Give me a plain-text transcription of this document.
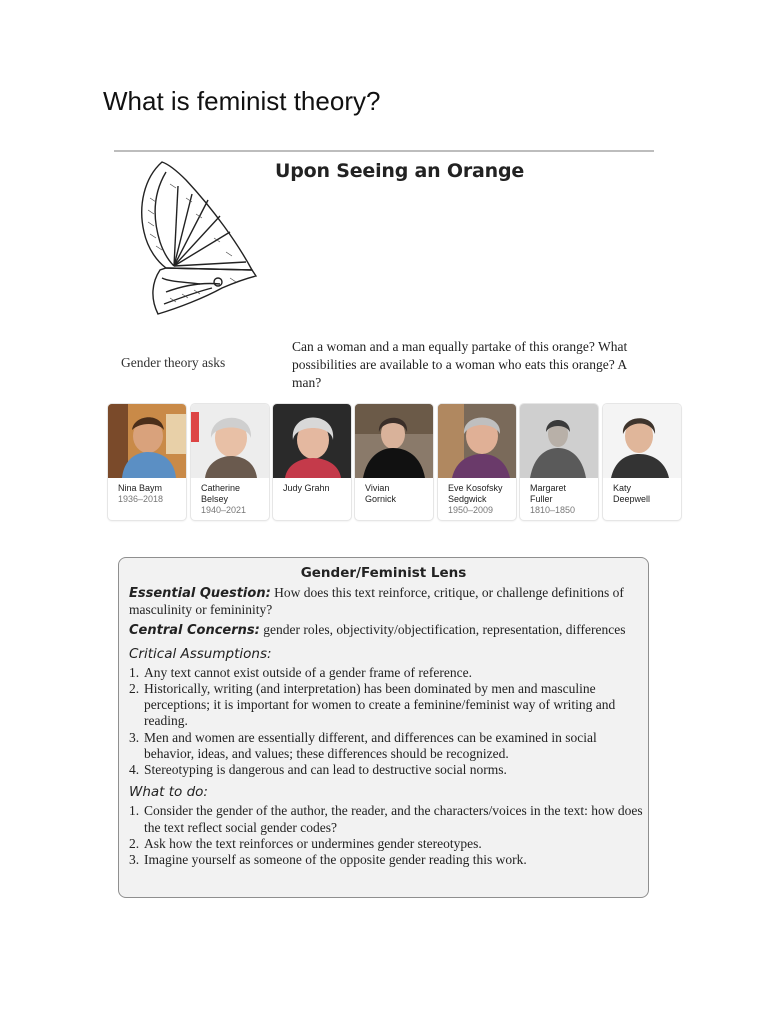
What is feminist theory?
Upon Seeing an Orange
Gender theory asks
Can a woman and a man equally partake of this orange? What possibilities are available to a woman who eats this orange? A man?
Nina Baym
1936–2018
Catherine
Belsey
1940–2021
Judy Grahn	Vivian
Gornick
Eve Kosofsky
Sedgwick
1950–2009
Margaret
Fuller
1810–1850
Katy
Deepwell
Gender/Feminist Lens
Essential Question: How does this text reinforce, critique, or challenge definitions of masculinity or femininity?
Central Concerns: gender roles, objectivity/objectification, representation, differences
Critical Assumptions:
1. Any text cannot exist outside of a gender frame of reference.
2. Historically, writing (and interpretation) has been dominated by men and masculine perceptions; it is important for women to create a feminine/feminist way of writing and reading.
3. Men and women are essentially different, and differences can be examined in social behavior, ideas, and values; these differences should be recognized.
4. Stereotyping is dangerous and can lead to destructive social norms.
What to do:
1. Consider the gender of the author, the reader, and the characters/voices in the text: how does the text reflect social gender codes?
2. Ask how the text reinforces or undermines gender stereotypes.
3. Imagine yourself as someone of the opposite gender reading this work.
